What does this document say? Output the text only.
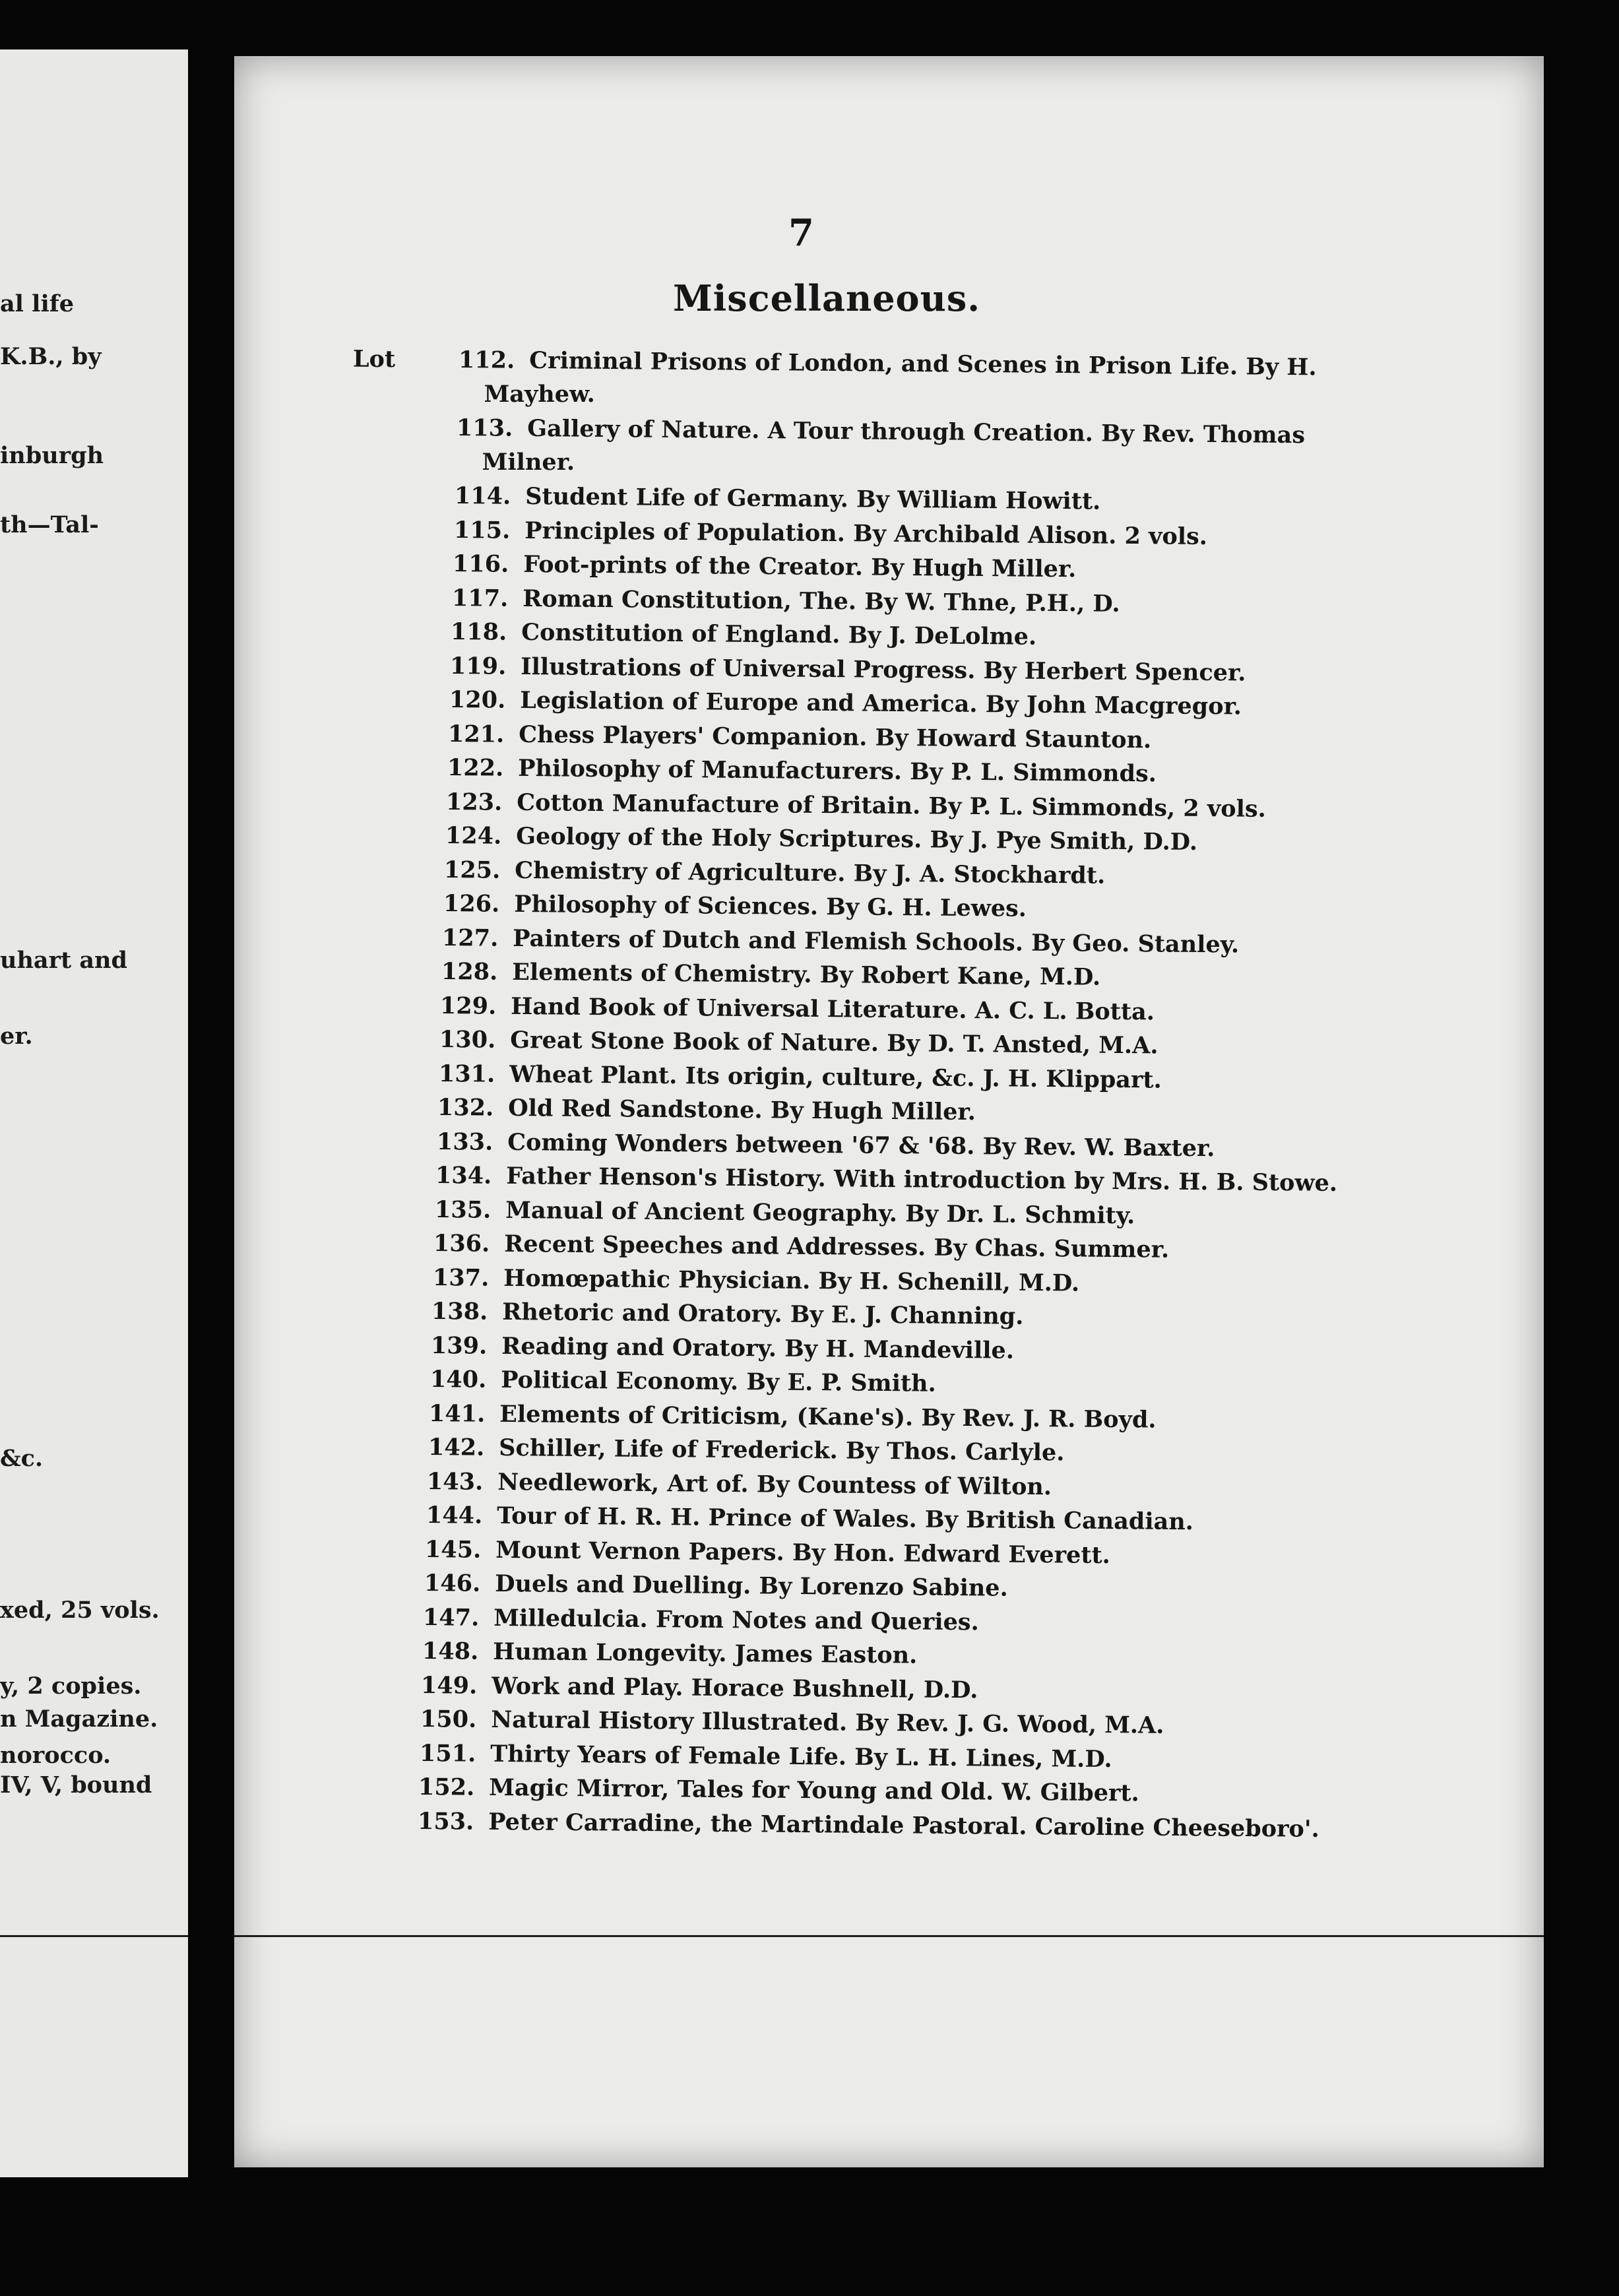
al life
K.B., by
inburgh
th—Tal-
uhart and
er.
&c.
xed, 25 vols.
y, 2 copies.
n Magazine.
norocco.
IV, V, bound
7
Miscellaneous.
Lot	112. Criminal Prisons of London, and Scenes in Prison Life. By H.
Mayhew.
113. Gallery of Nature. A Tour through Creation. By Rev. Thomas
Milner.
114. Student Life of Germany. By William Howitt.
115. Principles of Population. By Archibald Alison. 2 vols.
116. Foot-prints of the Creator. By Hugh Miller.
117. Roman Constitution, The. By W. Thne, P.H., D.
118. Constitution of England. By J. DeLolme.
119. Illustrations of Universal Progress. By Herbert Spencer.
120. Legislation of Europe and America. By John Macgregor.
121. Chess Players' Companion. By Howard Staunton.
122. Philosophy of Manufacturers. By P. L. Simmonds.
123. Cotton Manufacture of Britain. By P. L. Simmonds, 2 vols.
124. Geology of the Holy Scriptures. By J. Pye Smith, D.D.
125. Chemistry of Agriculture. By J. A. Stockhardt.
126. Philosophy of Sciences. By G. H. Lewes.
127. Painters of Dutch and Flemish Schools. By Geo. Stanley.
128. Elements of Chemistry. By Robert Kane, M.D.
129. Hand Book of Universal Literature. A. C. L. Botta.
130. Great Stone Book of Nature. By D. T. Ansted, M.A.
131. Wheat Plant. Its origin, culture, &c. J. H. Klippart.
132. Old Red Sandstone. By Hugh Miller.
133. Coming Wonders between '67 & '68. By Rev. W. Baxter.
134. Father Henson's History. With introduction by Mrs. H. B. Stowe.
135. Manual of Ancient Geography. By Dr. L. Schmity.
136. Recent Speeches and Addresses. By Chas. Summer.
137. Homœpathic Physician. By H. Schenill, M.D.
138. Rhetoric and Oratory. By E. J. Channing.
139. Reading and Oratory. By H. Mandeville.
140. Political Economy. By E. P. Smith.
141. Elements of Criticism, (Kane's). By Rev. J. R. Boyd.
142. Schiller, Life of Frederick. By Thos. Carlyle.
143. Needlework, Art of. By Countess of Wilton.
144. Tour of H. R. H. Prince of Wales. By British Canadian.
145. Mount Vernon Papers. By Hon. Edward Everett.
146. Duels and Duelling. By Lorenzo Sabine.
147. Milledulcia. From Notes and Queries.
148. Human Longevity. James Easton.
149. Work and Play. Horace Bushnell, D.D.
150. Natural History Illustrated. By Rev. J. G. Wood, M.A.
151. Thirty Years of Female Life. By L. H. Lines, M.D.
152. Magic Mirror, Tales for Young and Old. W. Gilbert.
153. Peter Carradine, the Martindale Pastoral. Caroline Cheeseboro'.
